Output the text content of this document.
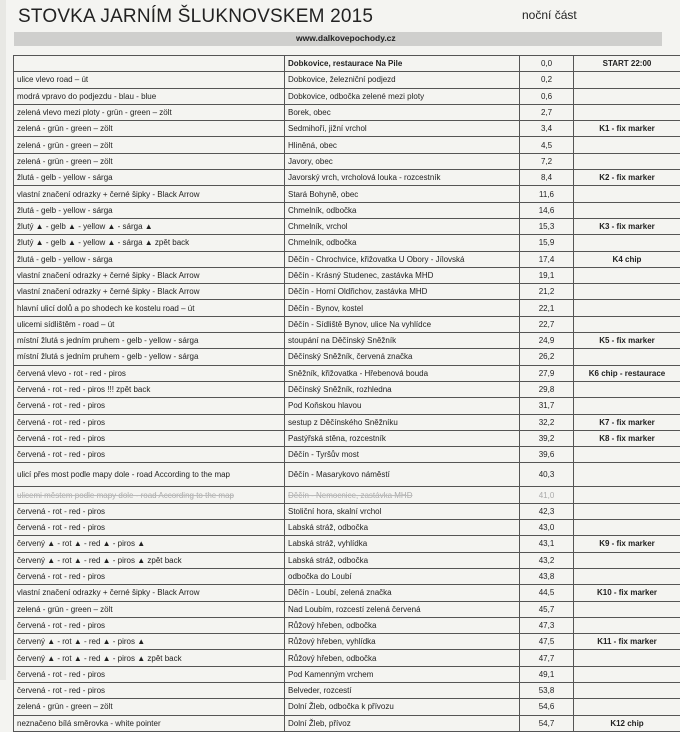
STOVKA JARNÍM ŠLUKNOVSKEM 2015	noční část
www.dalkovepochody.cz
	Dobkovice, restaurace Na Pile	0,0	START 22:00
ulice vlevo road – út	Dobkovice, železniční podjezd	0,2	
modrá vpravo do podjezdu - blau - blue	Dobkovice, odbočka zelené mezi ploty	0,6	
zelená vlevo mezi ploty - grün - green – zölt	Borek, obec	2,7	
zelená - grün - green – zölt	Sedmihoří, jižní vrchol	3,4	K1 - fix marker
zelená - grün - green – zölt	Hliněná, obec	4,5	
zelená - grün - green – zölt	Javory, obec	7,2	
žlutá - gelb - yellow - sárga	Javorský vrch, vrcholová louka - rozcestník	8,4	K2 - fix marker
vlastní značení odrazky + černé šipky - Black Arrow	Stará Bohyně, obec	11,6	
žlutá - gelb - yellow - sárga	Chmelník, odbočka	14,6	
žlutý ▲ - gelb ▲ - yellow ▲ - sárga ▲	Chmelník, vrchol	15,3	K3 - fix marker
žlutý ▲ - gelb ▲ - yellow ▲ - sárga ▲ zpět back	Chmelník, odbočka	15,9	
žlutá - gelb - yellow - sárga	Děčín - Chrochvice, křižovatka U Obory - Jílovská	17,4	K4 chip
vlastní značení odrazky + černé šipky - Black Arrow	Děčín - Krásný Studenec, zastávka MHD	19,1	
vlastní značení odrazky + černé šipky - Black Arrow	Děčín - Horní Oldřichov, zastávka MHD	21,2	
hlavní ulicí dolů a po shodech ke kostelu road – út	Děčín - Bynov, kostel	22,1	
ulicemi sídlištěm - road – út	Děčín - Sídliště Bynov, ulice Na vyhlídce	22,7	
místní žlutá s jedním pruhem - gelb - yellow - sárga	stoupání na Děčínský Sněžník	24,9	K5 - fix marker
místní žlutá s jedním pruhem - gelb - yellow - sárga	Děčínský Sněžník, červená značka	26,2	
červená vlevo - rot - red - piros	Sněžník, křižovatka - Hřebenová bouda	27,9	K6 chip - restaurace
červená - rot - red - piros !!! zpět back	Děčínský Sněžník, rozhledna	29,8	
červená - rot - red - piros	Pod Koňskou hlavou	31,7	
červená - rot - red - piros	sestup z Děčínského Sněžníku	32,2	K7 - fix marker
červená - rot - red - piros	Pastýřská stěna, rozcestník	39,2	K8 - fix marker
červená - rot - red - piros	Děčín - Tyršův most	39,6	
ulicí přes most podle mapy dole - road According to the map	Děčín - Masarykovo náměstí	40,3	
ulicemi městem podle mapy dole - road According to the map	Děčín - Nemocnice, zastávka MHD	41,0	
červená - rot - red - piros	Stoliční hora, skalní vrchol	42,3	
červená - rot - red - piros	Labská stráž, odbočka	43,0	
červený ▲ - rot ▲ - red ▲ - piros ▲	Labská stráž, vyhlídka	43,1	K9 - fix marker
červený ▲ - rot ▲ - red ▲ - piros ▲ zpět back	Labská stráž, odbočka	43,2	
červená - rot - red - piros	odbočka do Loubí	43,8	
vlastní značení odrazky + černé šipky - Black Arrow	Děčín - Loubí, zelená značka	44,5	K10 - fix marker
zelená - grün - green – zölt	Nad Loubím, rozcestí zelená červená	45,7	
červená - rot - red - piros	Růžový hřeben, odbočka	47,3	
červený ▲ - rot ▲ - red ▲ - piros ▲	Růžový hřeben, vyhlídka	47,5	K11 - fix marker
červený ▲ - rot ▲ - red ▲ - piros ▲ zpět back	Růžový hřeben, odbočka	47,7	
červená - rot - red - piros	Pod Kamenným vrchem	49,1	
červená - rot - red - piros	Belveder, rozcestí	53,8	
zelená - grün - green – zölt	Dolní Žleb, odbočka k přívozu	54,6	
neznačeno bílá směrovka - white pointer	Dolní Žleb, přívoz	54,7	K12 chip
